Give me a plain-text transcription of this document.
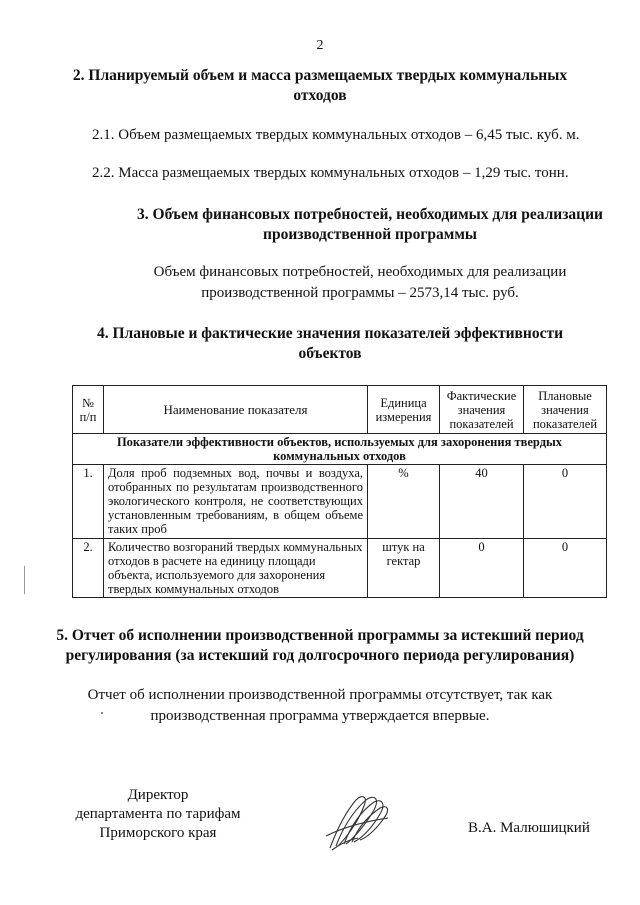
2
2. Планируемый объем и масса размещаемых твердых коммунальных
отходов
2.1. Объем размещаемых твердых коммунальных отходов – 6,45 тыс. куб. м.
2.2. Масса размещаемых твердых коммунальных отходов – 1,29 тыс. тонн.
3. Объем финансовых потребностей, необходимых для реализации
производственной программы
Объем финансовых потребностей, необходимых для реализации
производственной программы – 2573,14 тыс. руб.
4. Плановые и фактические значения показателей эффективности
объектов
№ п/п	Наименование показателя	Единица измерения	Фактические значения показателей	Плановые значения показателей
Показатели эффективности объектов, используемых для захоронения твердых коммунальных отходов				
1.	Доля проб подземных вод, почвы и воздуха, отобранных по результатам производственного экологического контроля, не соответствующих установленным требованиям, в общем объеме таких проб	%	40	0
2.	Количество возгораний твердых коммунальных отходов в расчете на единицу площади объекта, используемого для захоронения твердых коммунальных отходов	штук на гектар	0	0
5. Отчет об исполнении производственной программы за истекший период
регулирования (за истекший год долгосрочного периода регулирования)
Отчет об исполнении производственной программы отсутствует, так как
производственная программа утверждается впервые.
Директор
департамента по тарифам
Приморского края	В.А. Малюшицкий
